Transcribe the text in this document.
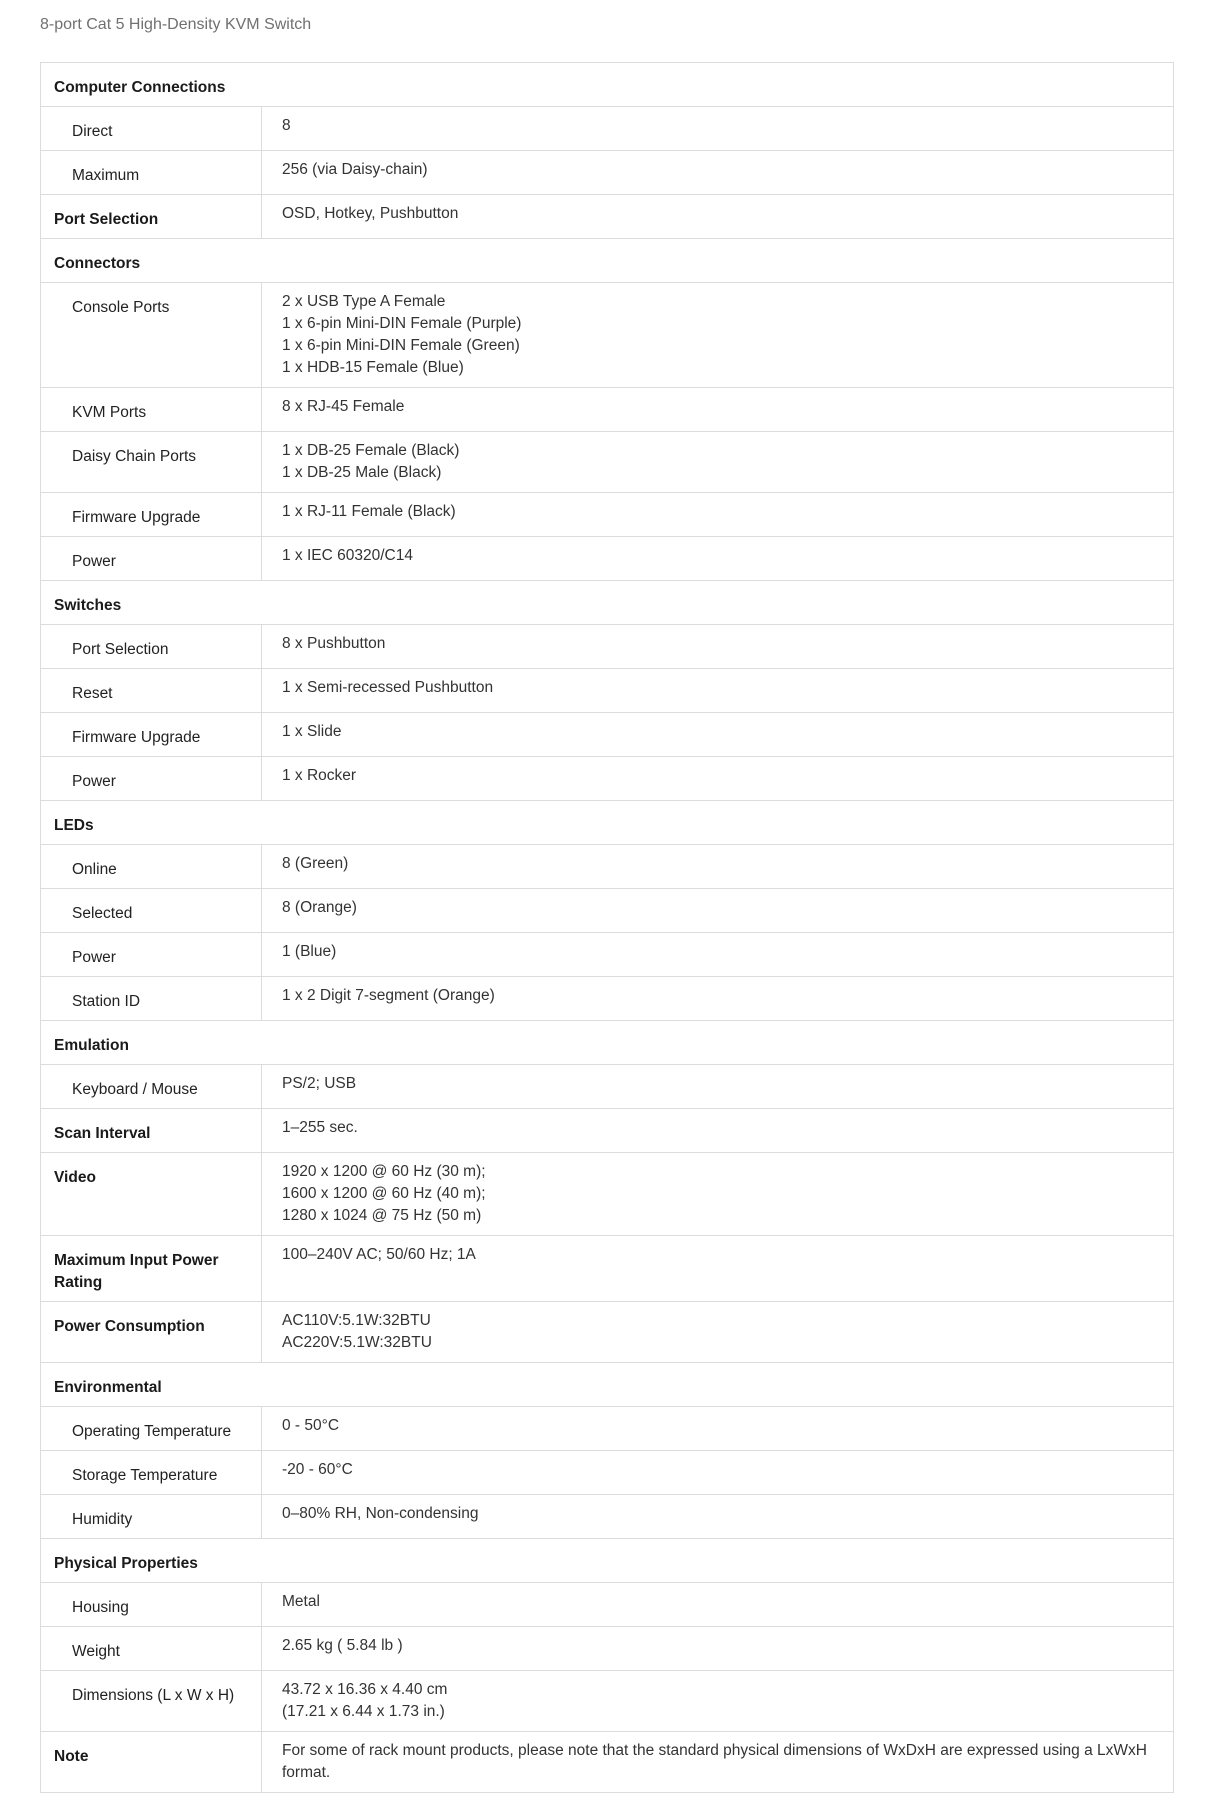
8-port Cat 5 High-Density KVM Switch
Computer Connections	

Direct	8

Maximum	256 (via Daisy-chain)

Port Selection	OSD, Hotkey, Pushbutton

Connectors	

Console Ports	2 x USB Type A Female
1 x 6-pin Mini-DIN Female (Purple)
1 x 6-pin Mini-DIN Female (Green)
1 x HDB-15 Female (Blue)

KVM Ports	8 x RJ-45 Female

Daisy Chain Ports	1 x DB-25 Female (Black)
1 x DB-25 Male (Black)

Firmware Upgrade	1 x RJ-11 Female (Black)

Power	1 x IEC 60320/C14

Switches	

Port Selection	8 x Pushbutton

Reset	1 x Semi-recessed Pushbutton

Firmware Upgrade	1 x Slide

Power	1 x Rocker

LEDs	

Online	8 (Green)

Selected	8 (Orange)

Power	1 (Blue)

Station ID	1 x 2 Digit 7-segment (Orange)

Emulation	

Keyboard / Mouse	PS/2; USB

Scan Interval	1–255 sec.

Video	1920 x 1200 @ 60 Hz (30 m);
1600 x 1200 @ 60 Hz (40 m);
1280 x 1024 @ 75 Hz (50 m)

Maximum Input Power Rating	100–240V AC; 50/60 Hz; 1A

Power Consumption	AC110V:5.1W:32BTU
AC220V:5.1W:32BTU

Environmental	

Operating Temperature	0 - 50°C

Storage Temperature	-20 - 60°C

Humidity	0–80% RH, Non-condensing

Physical Properties	

Housing	Metal

Weight	2.65 kg ( 5.84 lb )

Dimensions (L x W x H)	43.72 x 16.36 x 4.40 cm
(17.21 x 6.44 x 1.73 in.)

Note	For some of rack mount products, please note that the standard physical dimensions of WxDxH are expressed using a LxWxH format.
